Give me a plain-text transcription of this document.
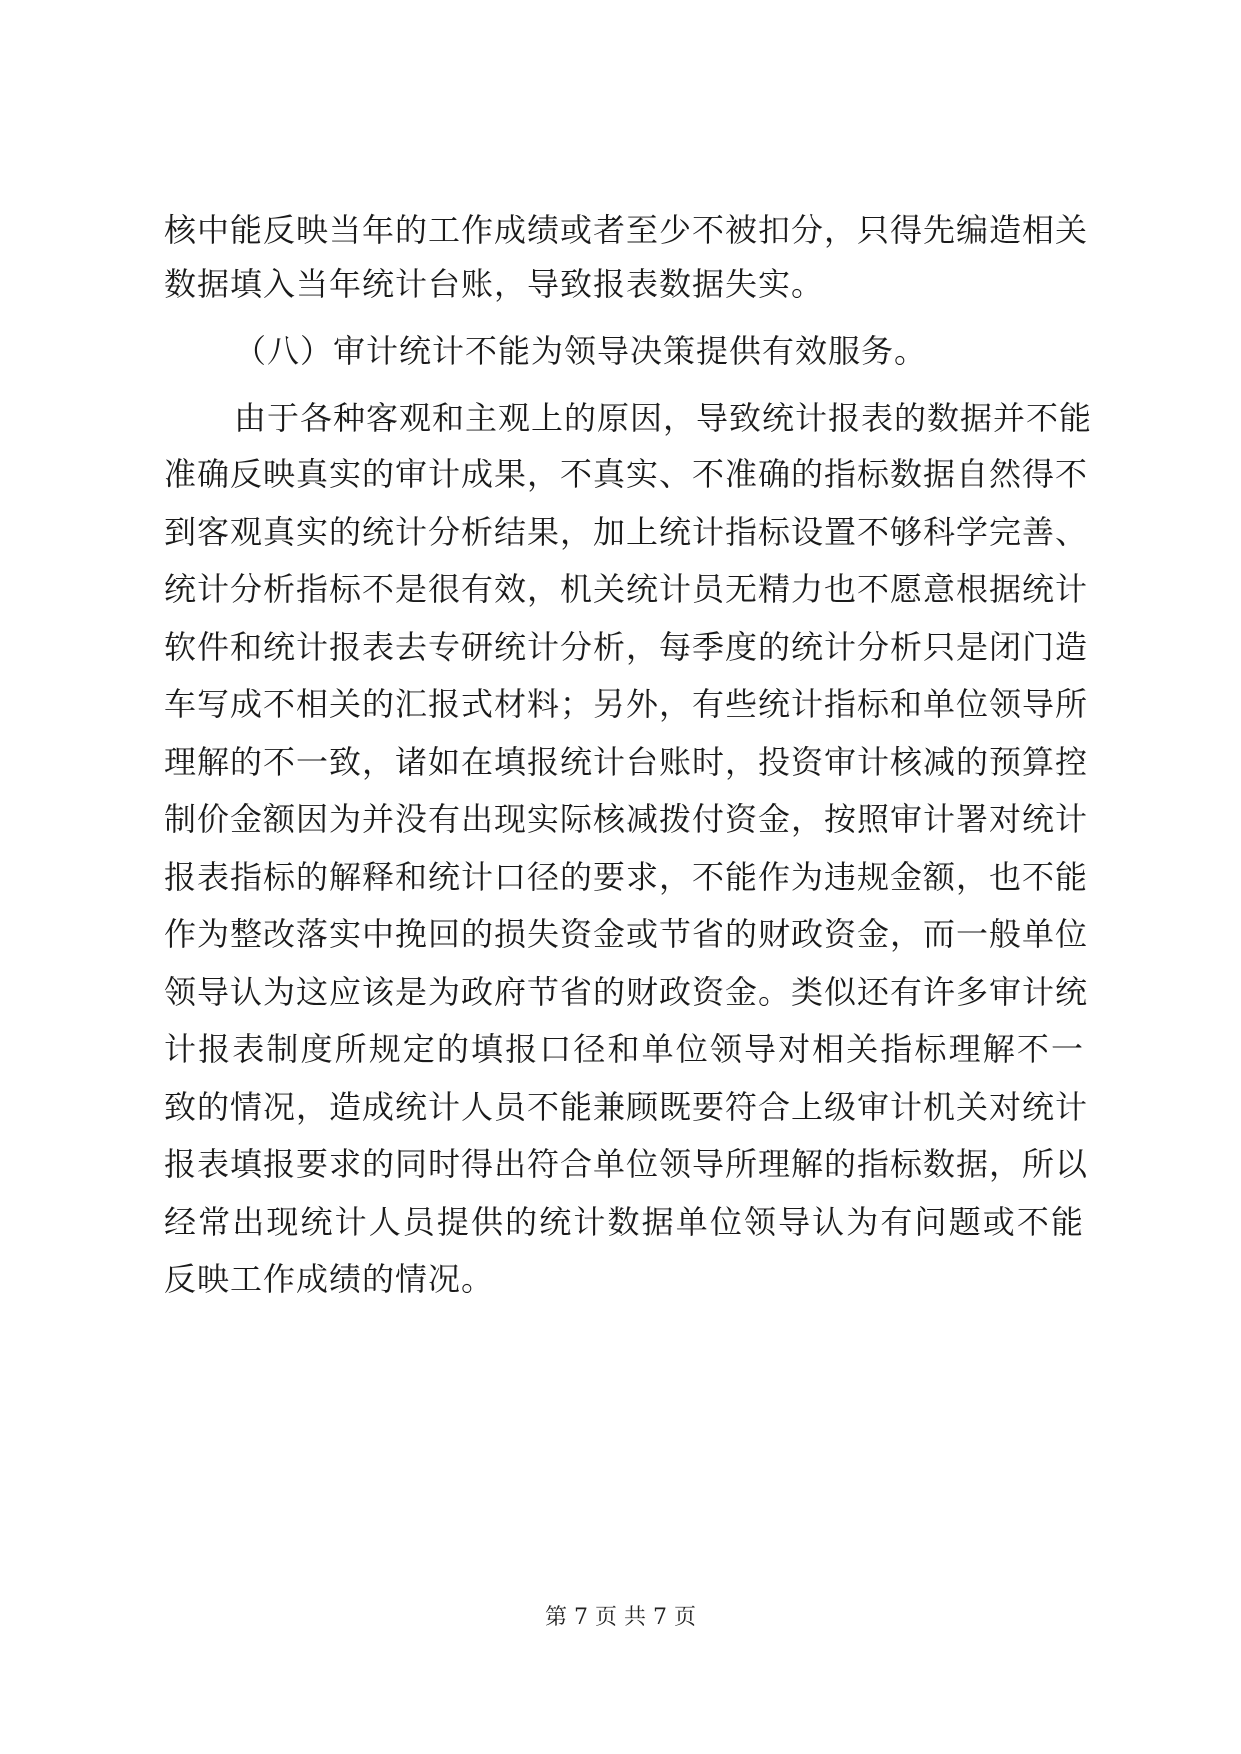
核中能反映当年的工作成绩或者至少不被扣分，只得先编造相关
数据填入当年统计台账，导致报表数据失实。
（八）审计统计不能为领导决策提供有效服务。
由于各种客观和主观上的原因，导致统计报表的数据并不能
准确反映真实的审计成果，不真实、不准确的指标数据自然得不
到客观真实的统计分析结果，加上统计指标设置不够科学完善、
统计分析指标不是很有效，机关统计员无精力也不愿意根据统计
软件和统计报表去专研统计分析，每季度的统计分析只是闭门造
车写成不相关的汇报式材料；另外，有些统计指标和单位领导所
理解的不一致，诸如在填报统计台账时，投资审计核减的预算控
制价金额因为并没有出现实际核减拨付资金，按照审计署对统计
报表指标的解释和统计口径的要求，不能作为违规金额，也不能
作为整改落实中挽回的损失资金或节省的财政资金，而一般单位
领导认为这应该是为政府节省的财政资金。类似还有许多审计统
计报表制度所规定的填报口径和单位领导对相关指标理解不一
致的情况，造成统计人员不能兼顾既要符合上级审计机关对统计
报表填报要求的同时得出符合单位领导所理解的指标数据，所以
经常出现统计人员提供的统计数据单位领导认为有问题或不能
反映工作成绩的情况。
第 7 页 共 7 页
